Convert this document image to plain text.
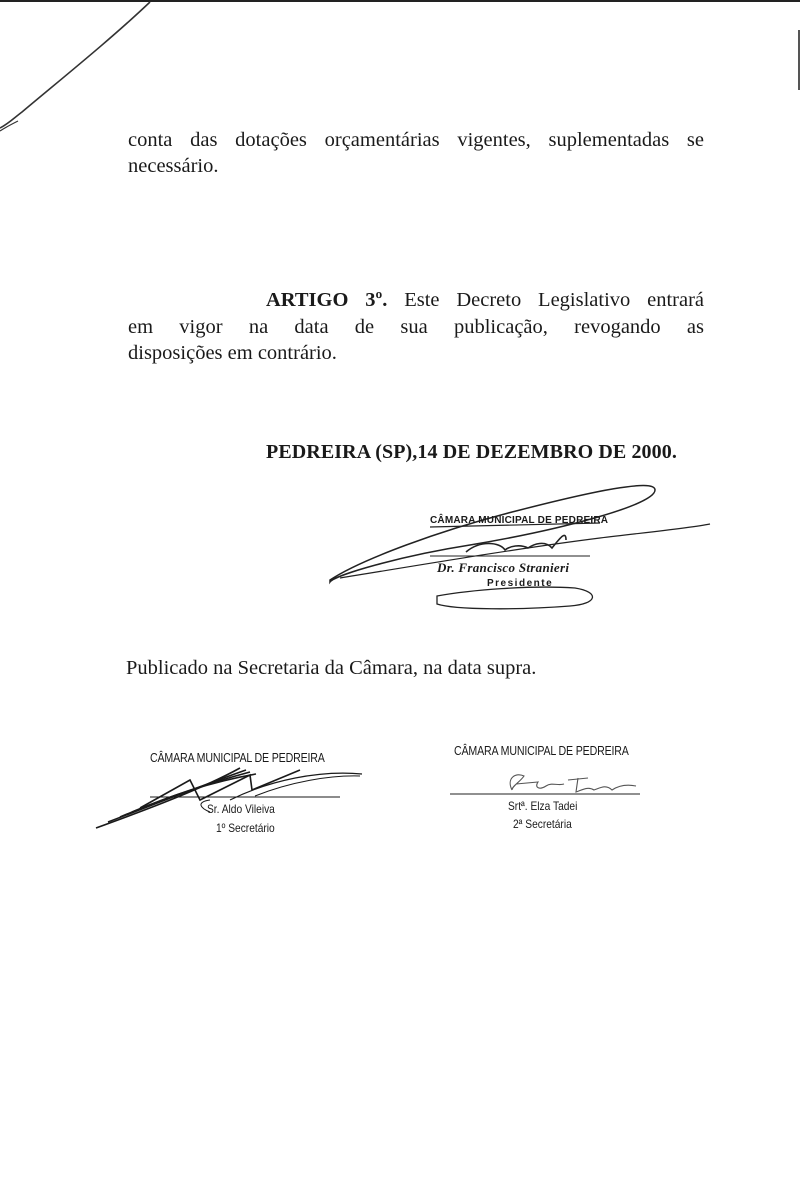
conta das dotações orçamentárias vigentes, suplementadas se
necessário.
ARTIGO 3º. Este Decreto Legislativo entrará
em vigor na data de sua publicação, revogando as
disposições em contrário.
PEDREIRA (SP),14 DE DEZEMBRO DE 2000.
CÂMARA MUNICIPAL DE PEDREIRA
Dr. Francisco Stranieri
Presidente
Publicado na Secretaria da Câmara, na data supra.
CÂMARA MUNICIPAL DE PEDREIRA
Sr. Aldo Vileiva
1º Secretário
CÂMARA MUNICIPAL DE PEDREIRA
Srtª. Elza Tadei
2ª Secretária
